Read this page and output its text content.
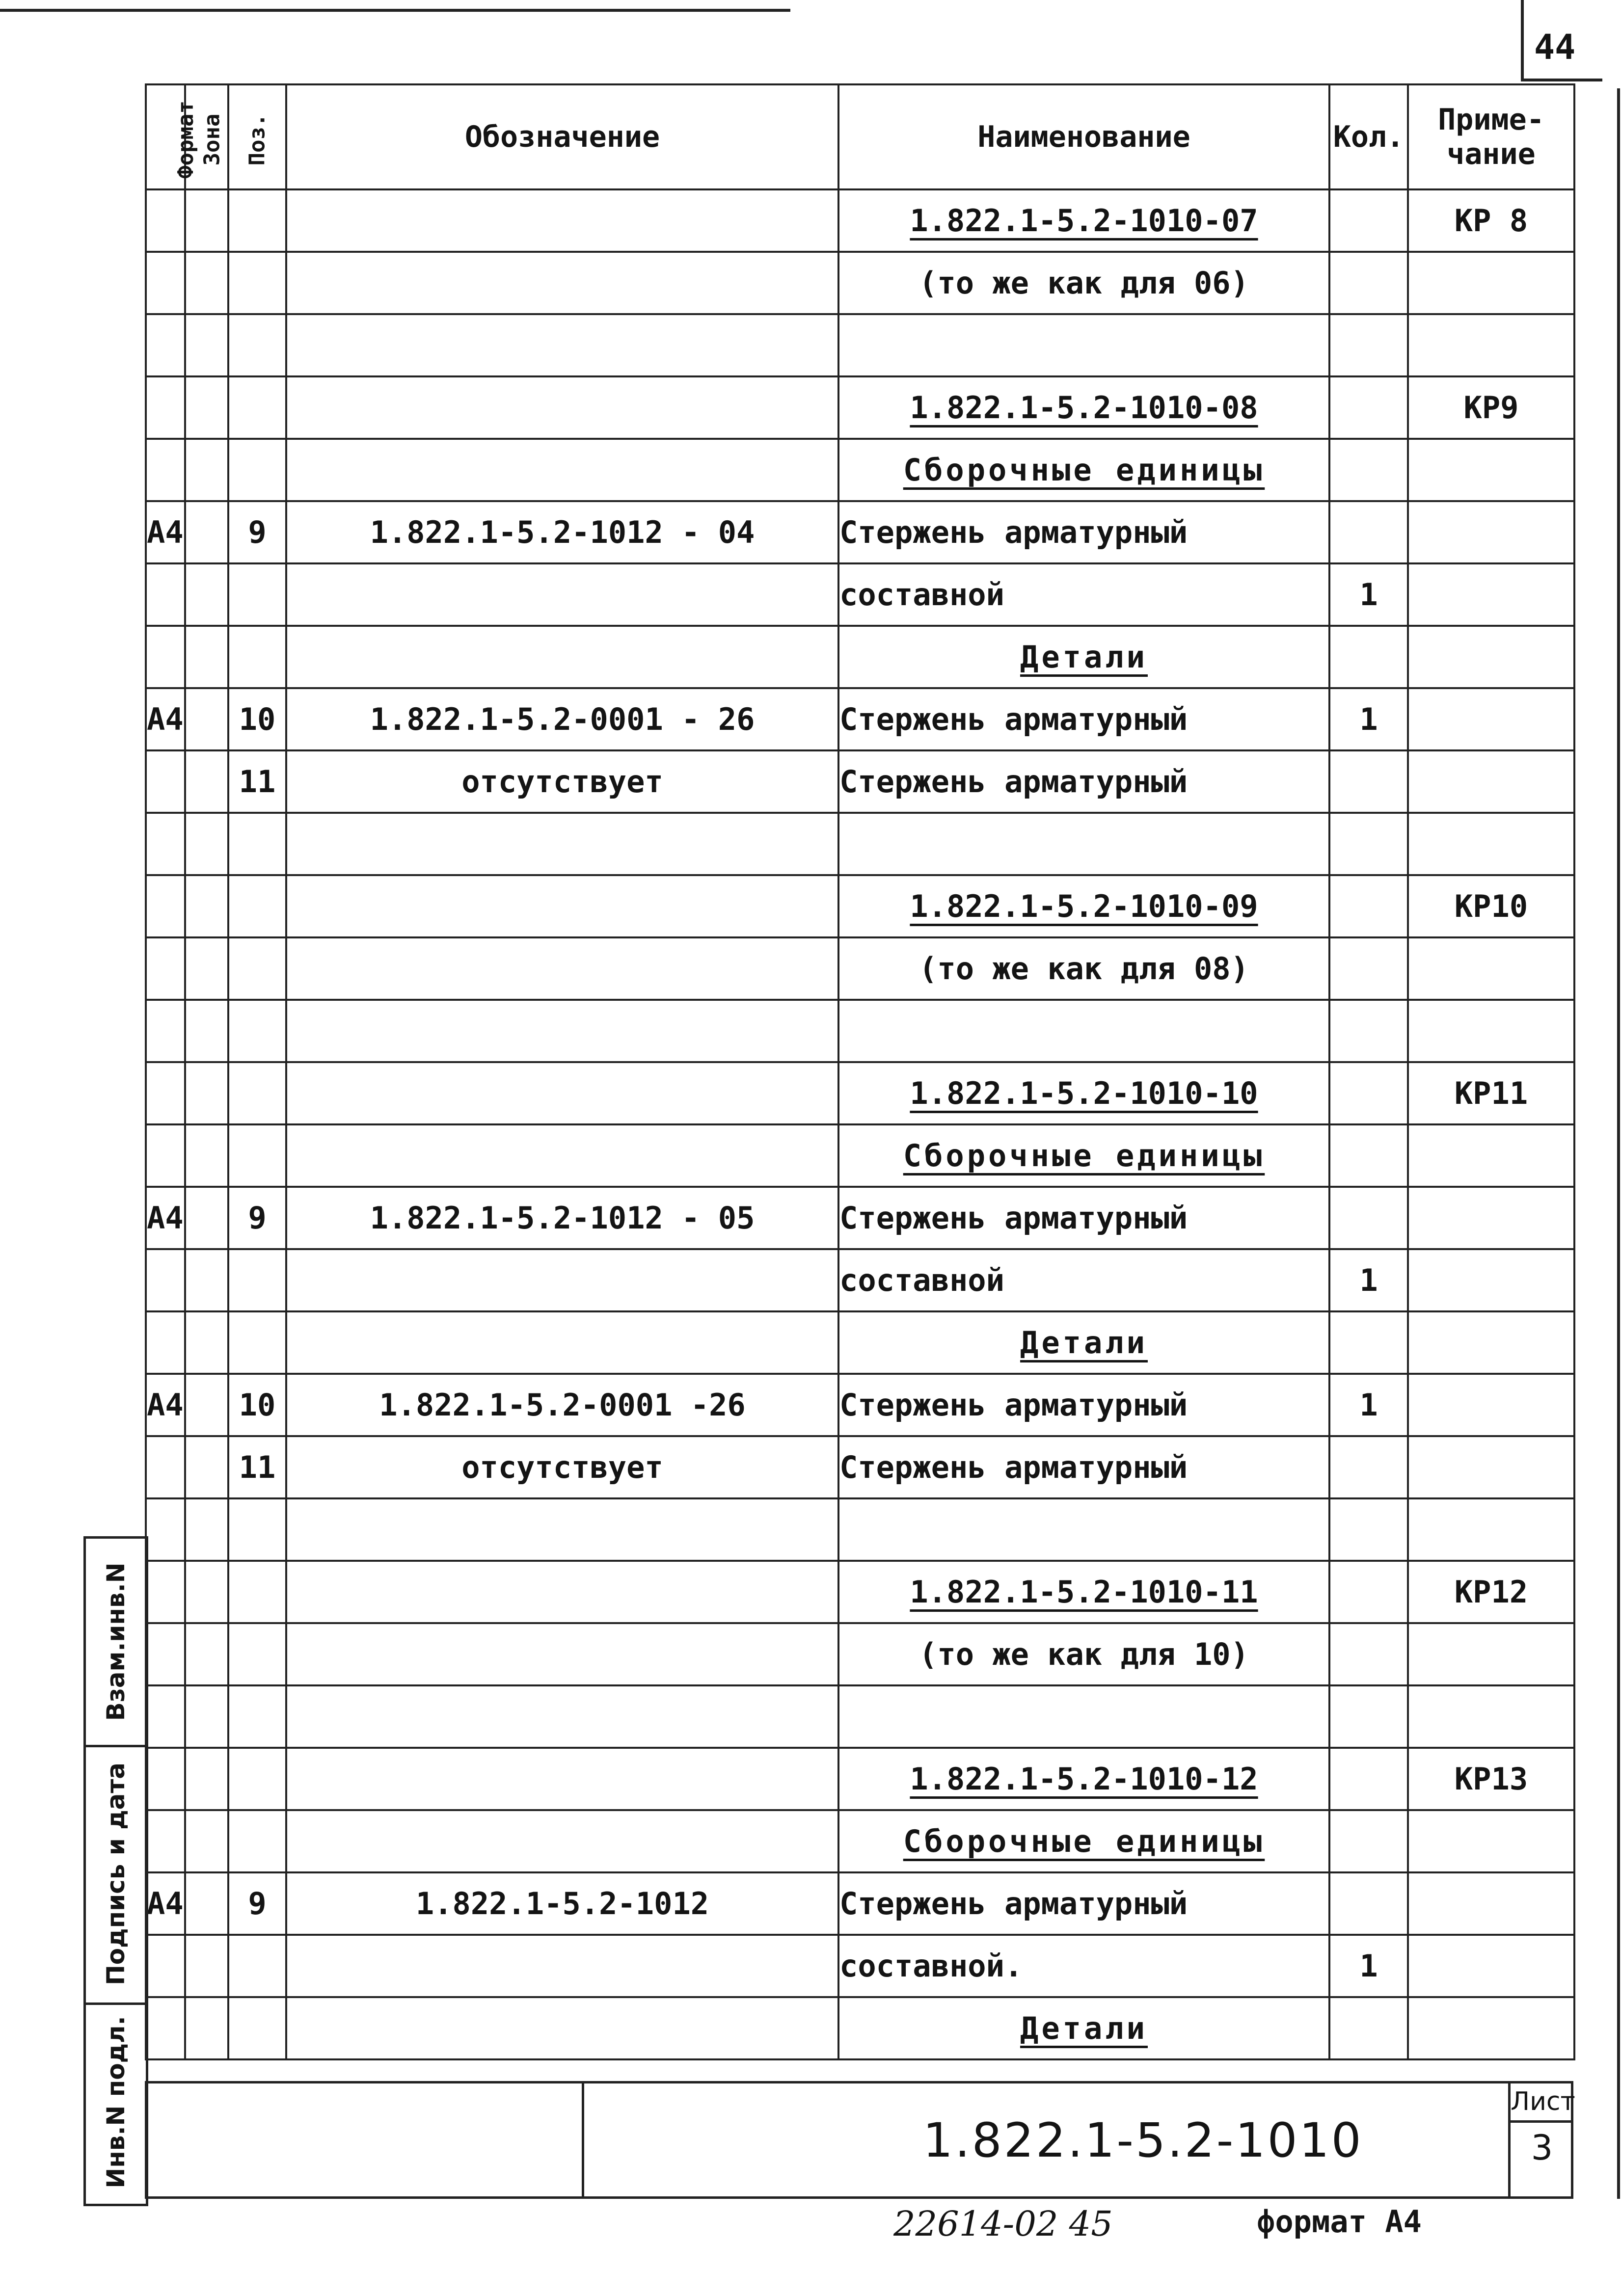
44
Формат	Зона	Поз.	Обозначение	Наименование	Кол.	Приме-
чание
				1.822.1-5.2-1010-07		КР 8
				(то же как для 06)		

				1.822.1-5.2-1010-08		КР9
				Сборочные единицы		
А4		9	1.822.1-5.2-1012 - 04	Стержень арматурный		
				составной	1	
				Детали		
А4		10	1.822.1-5.2-0001 - 26	Стержень арматурный	1	
		11	отсутствует	Стержень арматурный		

				1.822.1-5.2-1010-09		КР10
				(то же как для 08)		

				1.822.1-5.2-1010-10		КР11
				Сборочные единицы		
А4		9	1.822.1-5.2-1012 - 05	Стержень арматурный		
				составной	1	
				Детали		
А4		10	1.822.1-5.2-0001 -26	Стержень арматурный	1	
		11	отсутствует	Стержень арматурный		

				1.822.1-5.2-1010-11		КР12
				(то же как для 10)		

				1.822.1-5.2-1010-12		КР13
				Сборочные единицы		
А4		9	1.822.1-5.2-1012	Стержень арматурный		
				составной.	1	
				Детали		
Взам.инв.N
Подпись и дата
Инв.N подл.	1.822.1-5.2-1010
Лист
3
22614-02 45	формат А4
